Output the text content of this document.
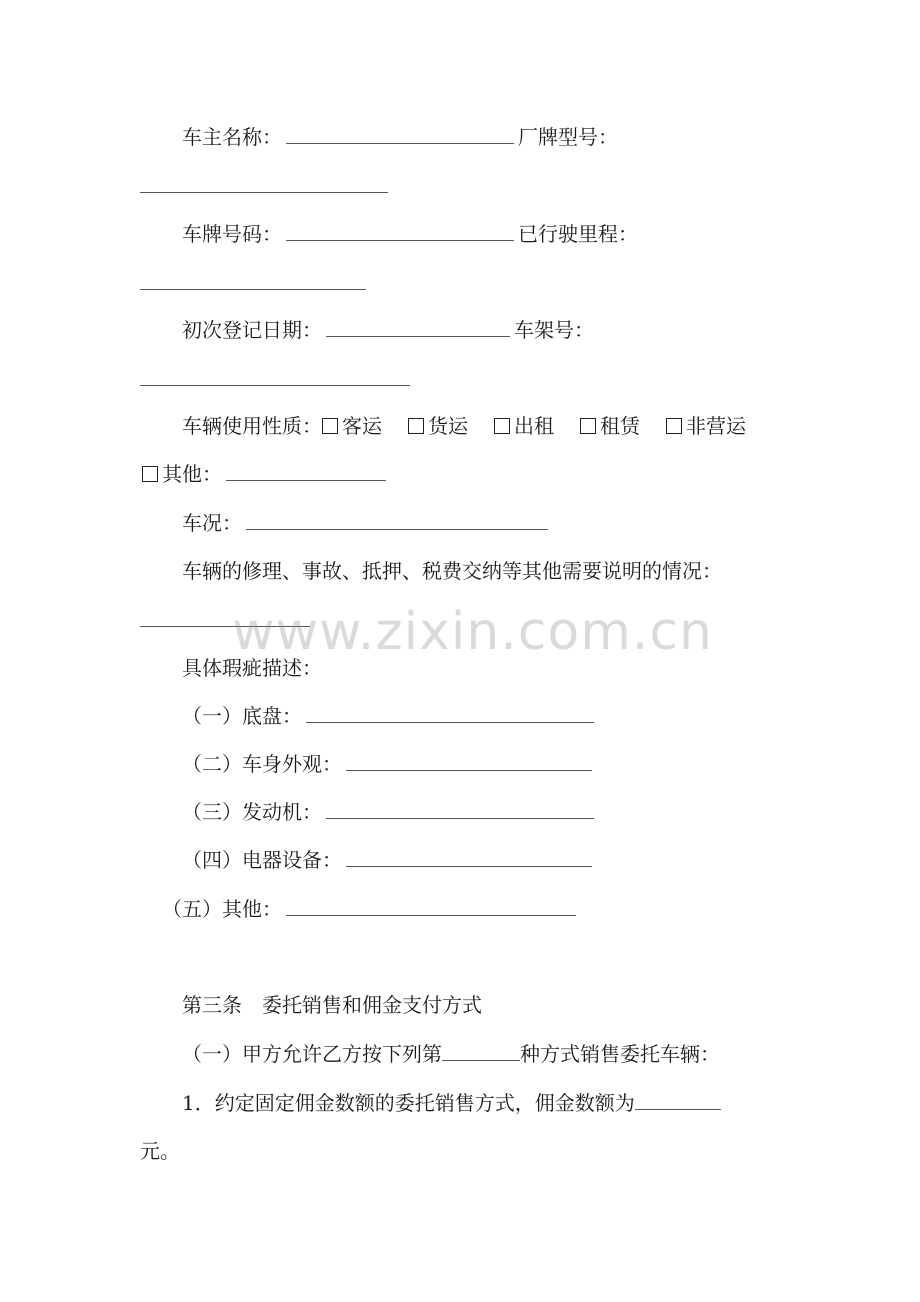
车主名称：	厂牌型号：
车牌号码：	已行驶里程：
初次登记日期：	车架号：
车辆使用性质： 客运 货运 出租 租赁 非营运
其他：
车况：
车辆的修理、事故、抵押、税费交纳等其他需要说明的情况：
www.zixin.com.cn
具体瑕疵描述：
（一）底盘：
（二）车身外观：
（三）发动机：
（四）电器设备：
（五）其他：
第三条　委托销售和佣金支付方式
（一）甲方允许乙方按下列第	种方式销售委托车辆：
1．约定固定佣金数额的委托销售方式，佣金数额为
元。
